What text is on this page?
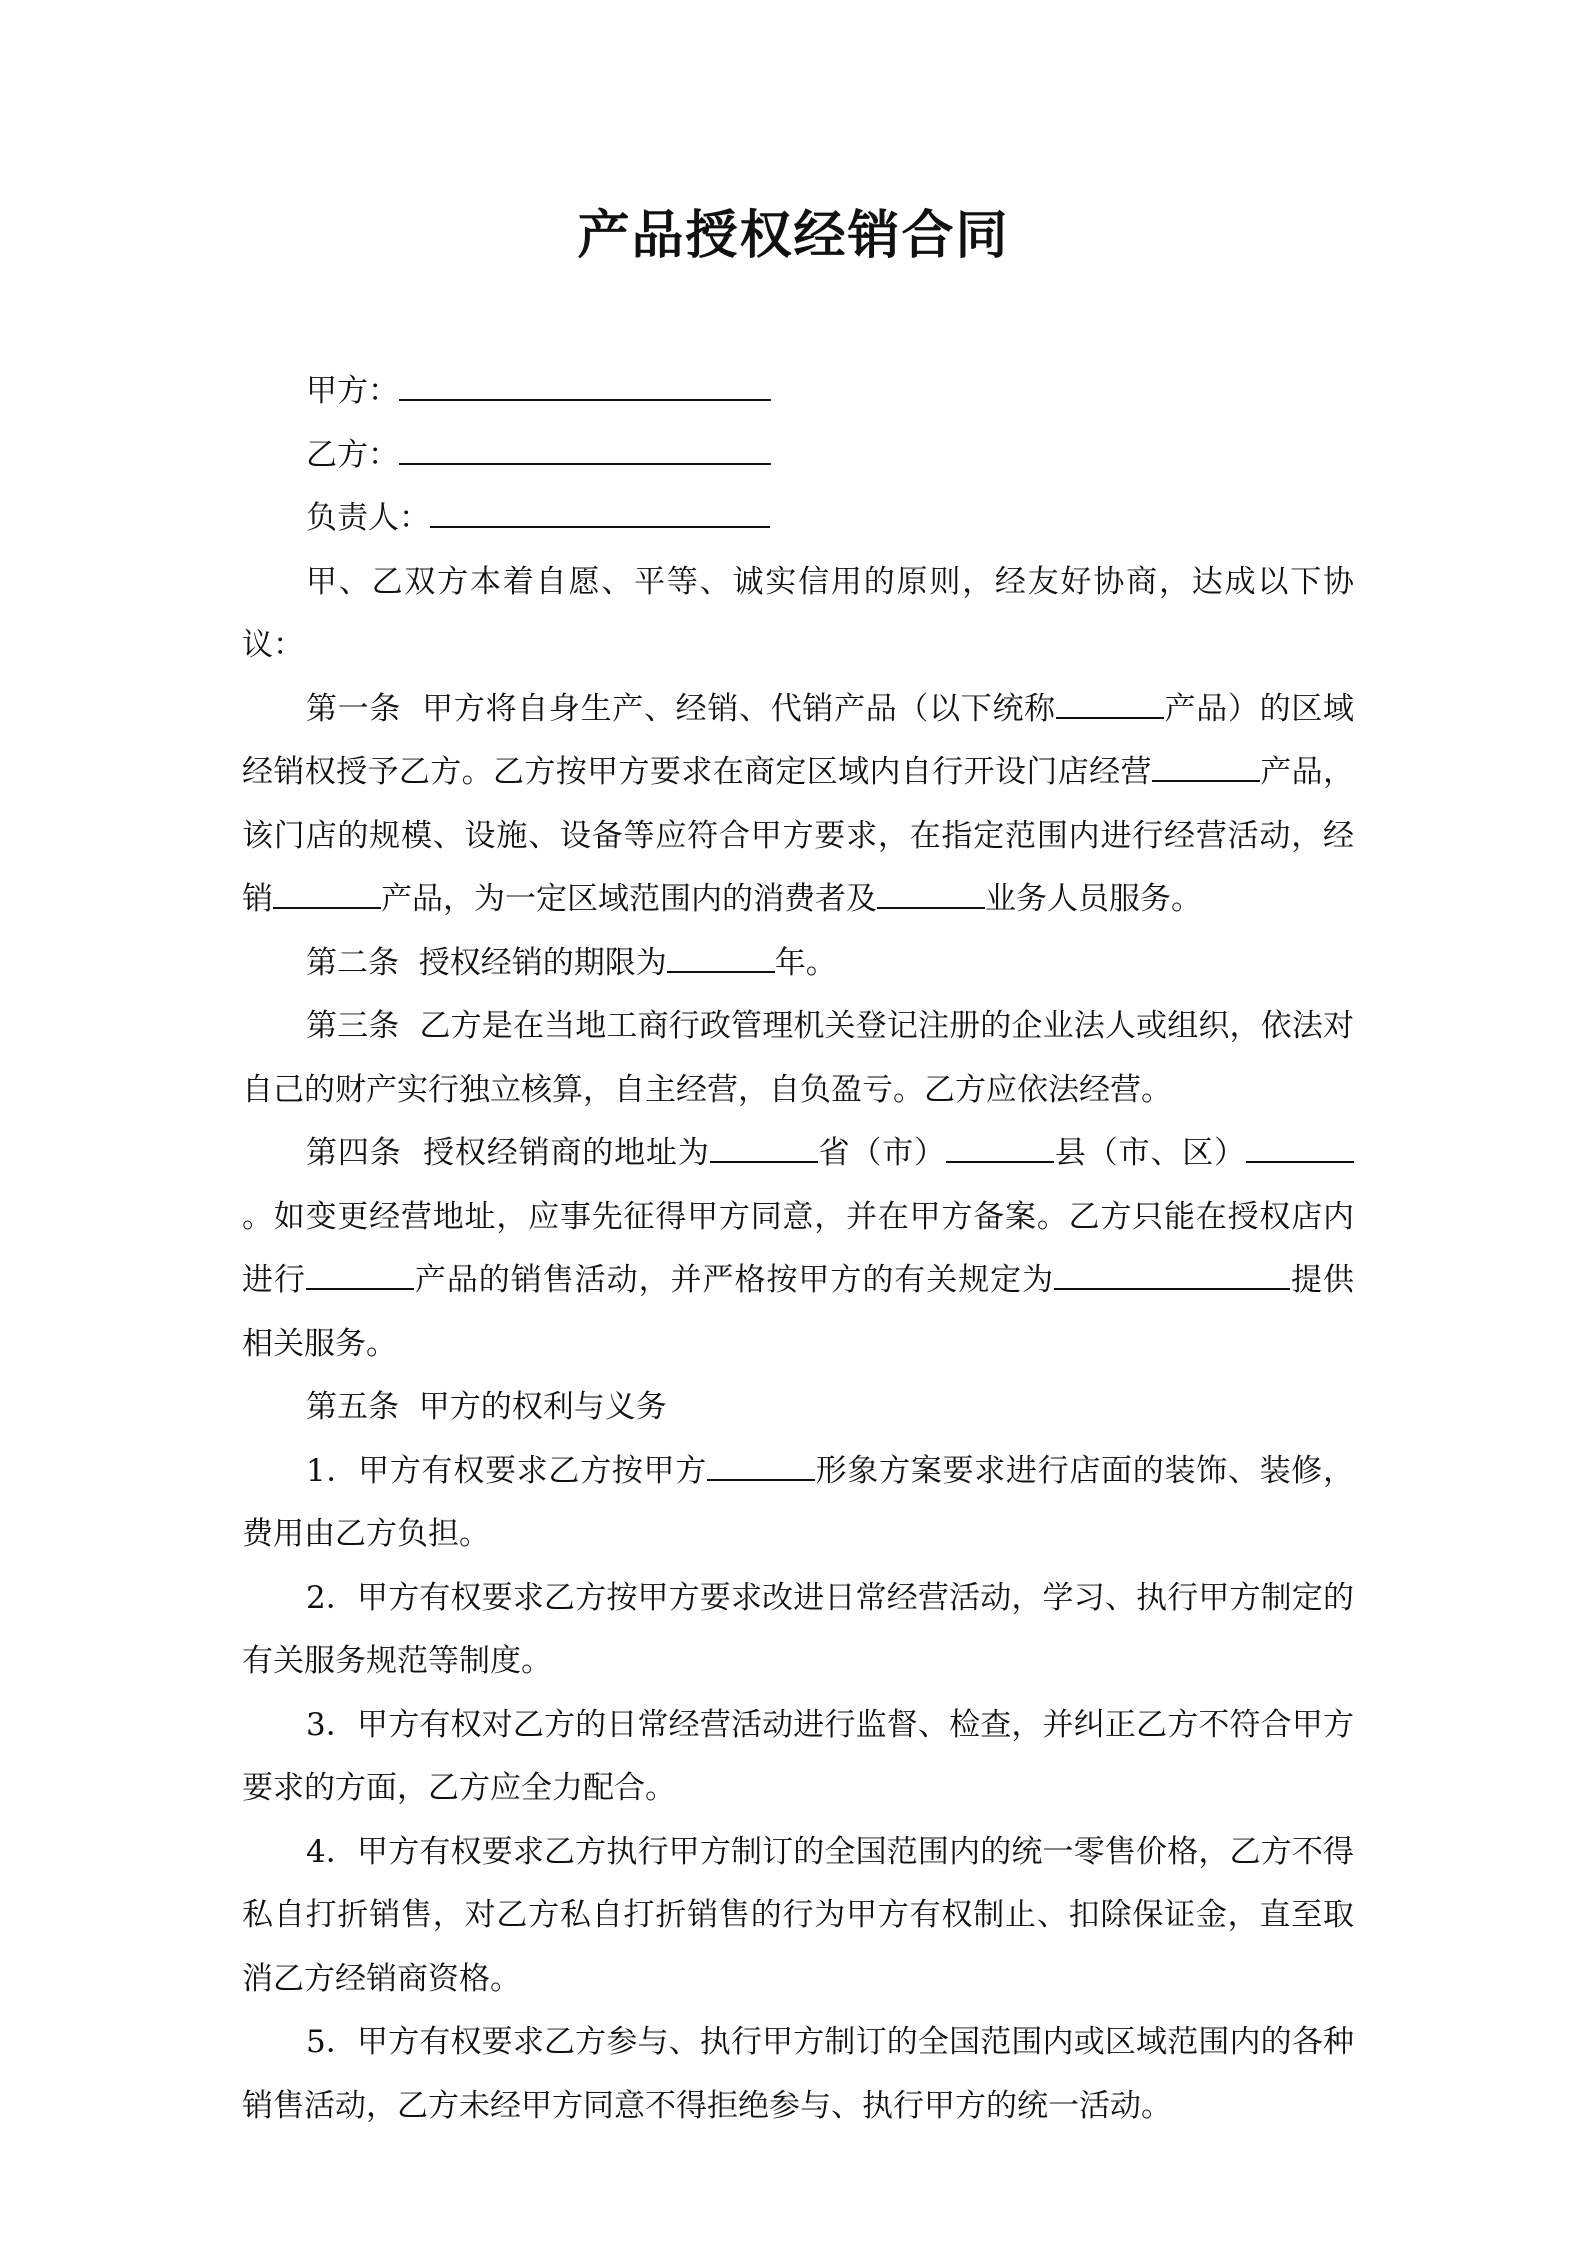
产品授权经销合同
甲方：
乙方：
负责人：

甲、乙双方本着自愿、平等、诚实信用的原则，经友好协商，达成以下协议：

第一条  甲方将自身生产、经销、代销产品（以下统称	产品）的区域经销权授予乙方。乙方按甲方要求在商定区域内自行开设门店经营	产品，该门店的规模、设施、设备等应符合甲方要求，在指定范围内进行经营活动，经销	产品，为一定区域范围内的消费者及	业务人员服务。

第二条  授权经销的期限为	年。

第三条  乙方是在当地工商行政管理机关登记注册的企业法人或组织，依法对自己的财产实行独立核算，自主经营，自负盈亏。乙方应依法经营。

第四条  授权经销商的地址为	省（市）	县（市、区）。如变更经营地址，应事先征得甲方同意，并在甲方备案。乙方只能在授权店内进行	产品的销售活动，并严格按甲方的有关规定为	提供相关服务。

第五条  甲方的权利与义务

1．甲方有权要求乙方按甲方	形象方案要求进行店面的装饰、装修，费用由乙方负担。

2．甲方有权要求乙方按甲方要求改进日常经营活动，学习、执行甲方制定的有关服务规范等制度。

3．甲方有权对乙方的日常经营活动进行监督、检查，并纠正乙方不符合甲方要求的方面，乙方应全力配合。

4．甲方有权要求乙方执行甲方制订的全国范围内的统一零售价格，乙方不得私自打折销售，对乙方私自打折销售的行为甲方有权制止、扣除保证金，直至取消乙方经销商资格。

5．甲方有权要求乙方参与、执行甲方制订的全国范围内或区域范围内的各种销售活动，乙方未经甲方同意不得拒绝参与、执行甲方的统一活动。
